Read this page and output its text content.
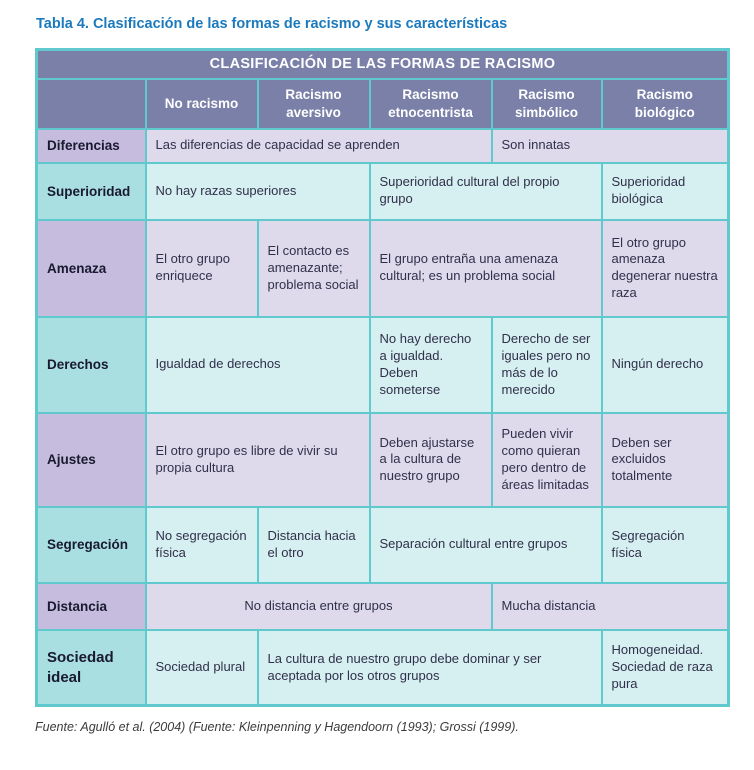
Tabla 4. Clasificación de las formas de racismo y sus características
CLASIFICACIÓN DE LAS FORMAS DE RACISMO					
	No racismo	Racismo aversivo	Racismo etnocentrista	Racismo simbólico	Racismo biológico
Diferencias	Las diferencias de capacidad se aprenden			Son innatas	
Superioridad	No hay razas superiores		Superioridad cultural del propio grupo		Superioridad biológica
Amenaza	El otro grupo enriquece	El contacto es amenazante; problema social	El grupo entraña una amenaza cultural; es un problema social		El otro grupo amenaza degenerar nuestra raza
Derechos	Igualdad de derechos		No hay derecho a igualdad. Deben someterse	Derecho de ser iguales pero no más de lo merecido	Ningún derecho
Ajustes	El otro grupo es libre de vivir su propia cultura		Deben ajustarse a la cultura de nuestro grupo	Pueden vivir como quieran pero dentro de áreas limitadas	Deben ser excluidos totalmente
Segregación	No segregación física	Distancia hacia el otro	Separación cultural entre grupos		Segregación física
Distancia	No distancia entre grupos			Mucha distancia	
Sociedad ideal	Sociedad plural	La cultura de nuestro grupo debe dominar y ser aceptada por los otros grupos			Homogeneidad. Sociedad de raza pura
Fuente: Agulló et al. (2004) (Fuente: Kleinpenning y Hagendoorn (1993); Grossi (1999).
